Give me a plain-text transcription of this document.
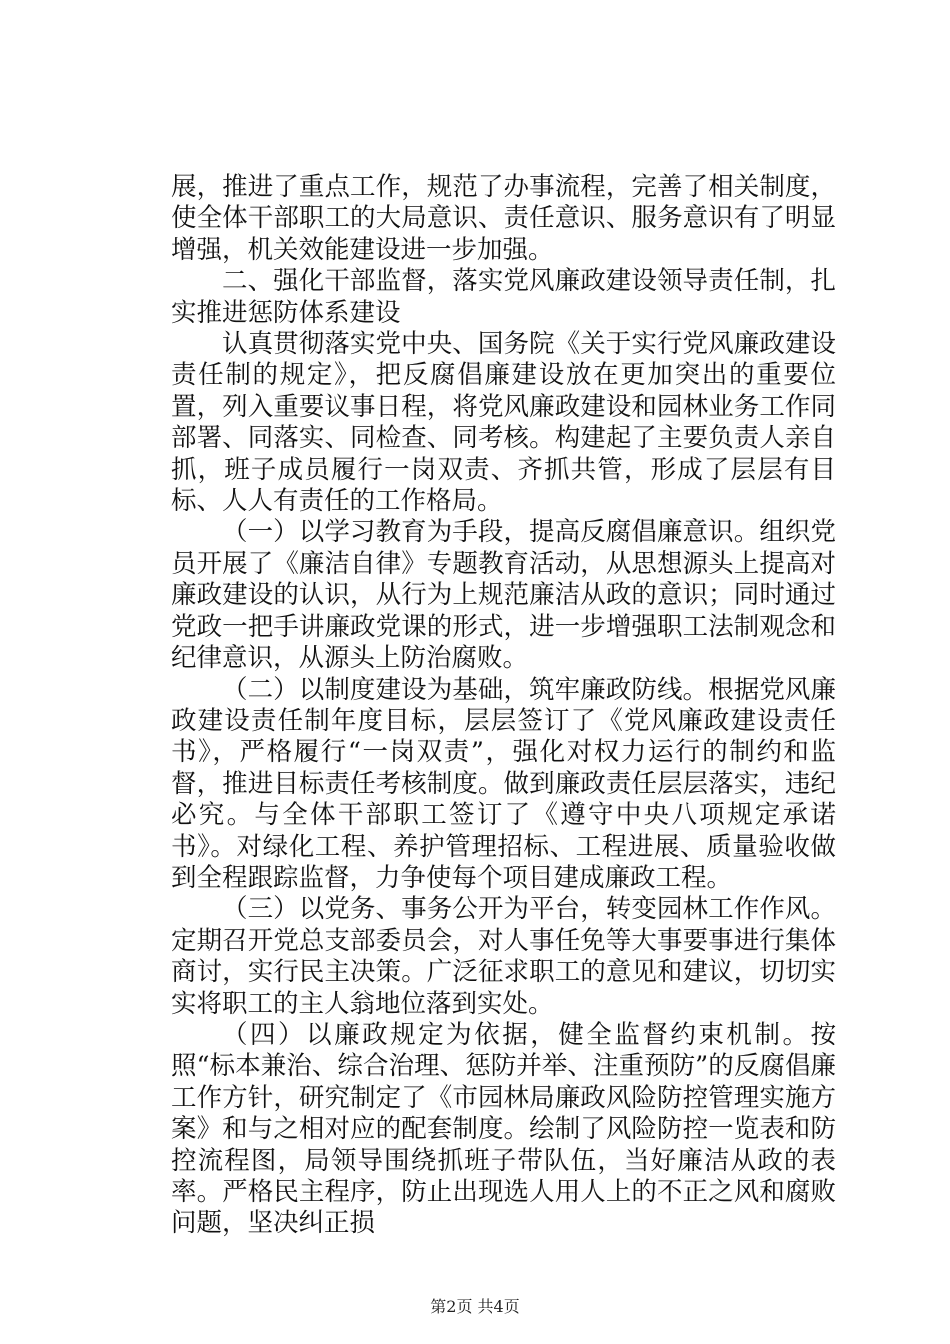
展，推进了重点工作，规范了办事流程，完善了相关制度，使全体干部职工的大局意识、责任意识、服务意识有了明显增强，机关效能建设进一步加强。

二、强化干部监督，落实党风廉政建设领导责任制，扎实推进惩防体系建设

认真贯彻落实党中央、国务院《关于实行党风廉政建设责任制的规定》，把反腐倡廉建设放在更加突出的重要位置，列入重要议事日程，将党风廉政建设和园林业务工作同部署、同落实、同检查、同考核。构建起了主要负责人亲自抓，班子成员履行一岗双责、齐抓共管，形成了层层有目标、人人有责任的工作格局。

（一）以学习教育为手段，提高反腐倡廉意识。组织党员开展了《廉洁自律》专题教育活动，从思想源头上提高对廉政建设的认识，从行为上规范廉洁从政的意识；同时通过党政一把手讲廉政党课的形式，进一步增强职工法制观念和纪律意识，从源头上防治腐败。

（二）以制度建设为基础，筑牢廉政防线。根据党风廉政建设责任制年度目标，层层签订了《党风廉政建设责任书》，严格履行“一岗双责”，强化对权力运行的制约和监督，推进目标责任考核制度。做到廉政责任层层落实，违纪必究。与全体干部职工签订了《遵守中央八项规定承诺书》。对绿化工程、养护管理招标、工程进展、质量验收做到全程跟踪监督，力争使每个项目建成廉政工程。

（三）以党务、事务公开为平台，转变园林工作作风。定期召开党总支部委员会，对人事任免等大事要事进行集体商讨，实行民主决策。广泛征求职工的意见和建议，切切实实将职工的主人翁地位落到实处。

（四）以廉政规定为依据，健全监督约束机制。按照“标本兼治、综合治理、惩防并举、注重预防”的反腐倡廉工作方针，研究制定了《市园林局廉政风险防控管理实施方案》和与之相对应的配套制度。绘制了风险防控一览表和防控流程图，局领导围绕抓班子带队伍，当好廉洁从政的表率。严格民主程序，防止出现选人用人上的不正之风和腐败问题，坚决纠正损

第2页 共4页
